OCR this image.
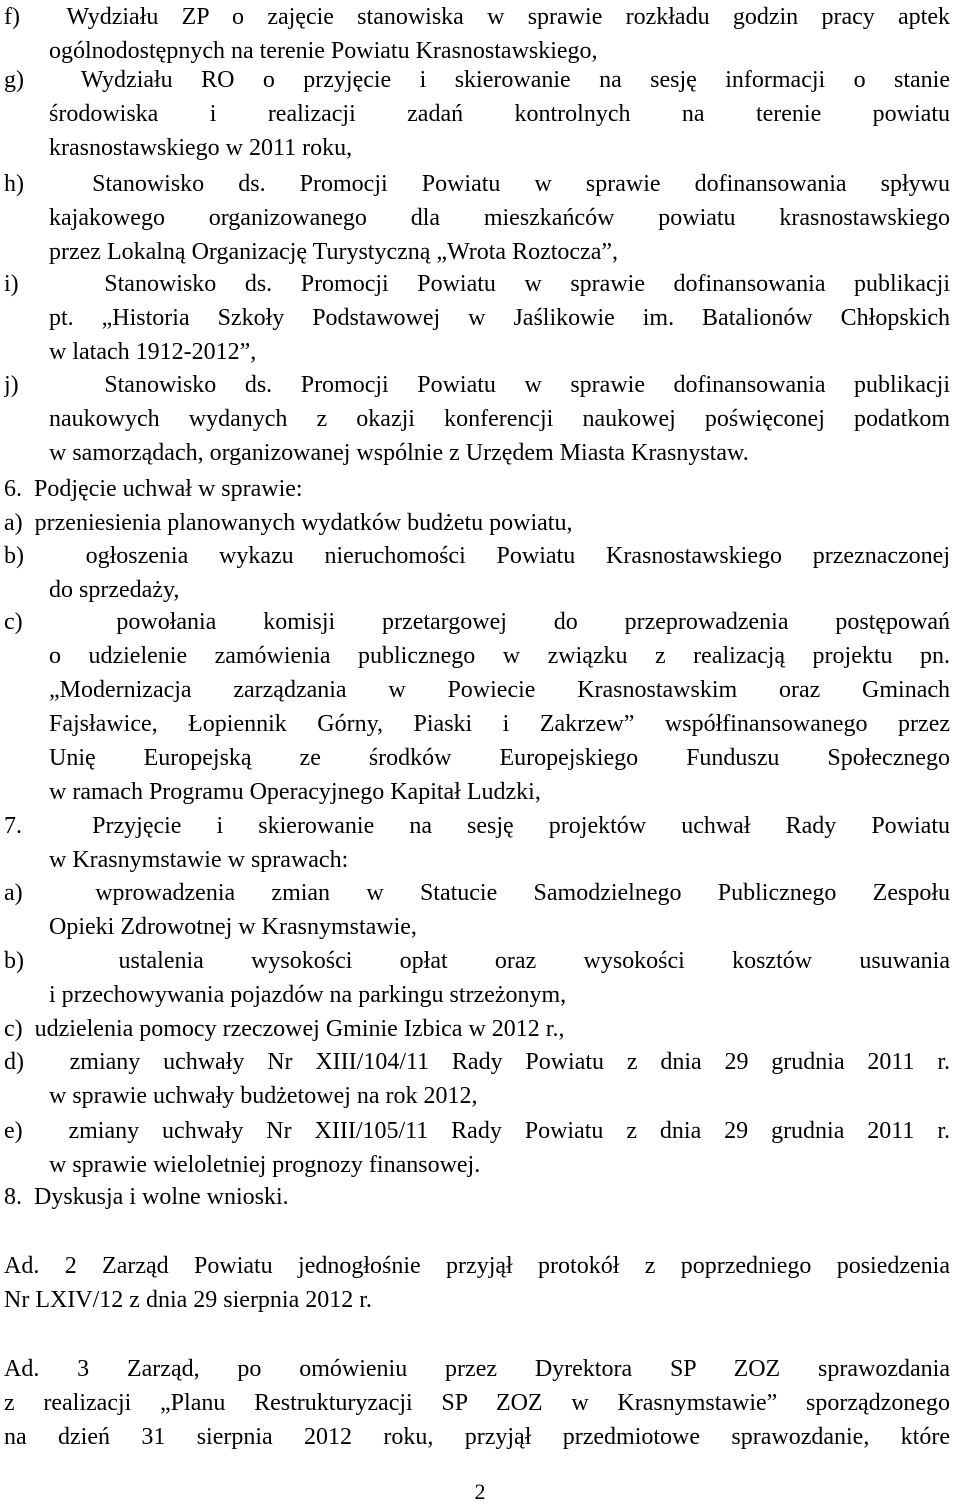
f)  Wydziału ZP o zajęcie stanowiska w sprawie rozkładu godzin pracy aptek
ogólnodostępnych na terenie Powiatu Krasnostawskiego,
g)  Wydziału RO o przyjęcie i skierowanie na sesję informacji o stanie
środowiska i realizacji zadań kontrolnych na terenie powiatu
krasnostawskiego w 2011 roku,
h)  Stanowisko ds. Promocji Powiatu w sprawie dofinansowania spływu
kajakowego organizowanego dla mieszkańców powiatu krasnostawskiego
przez Lokalną Organizację Turystyczną „Wrota Roztocza”,
i)   Stanowisko ds. Promocji Powiatu w sprawie dofinansowania publikacji
pt. „Historia Szkoły Podstawowej w Jaślikowie im. Batalionów Chłopskich
w latach 1912-2012”,
j)   Stanowisko ds. Promocji Powiatu w sprawie dofinansowania publikacji
naukowych wydanych z okazji konferencji naukowej poświęconej podatkom
w samorządach, organizowanej wspólnie z Urzędem Miasta Krasnystaw.
6.  Podjęcie uchwał w sprawie:
a)  przeniesienia planowanych wydatków budżetu powiatu,
b)  ogłoszenia wykazu nieruchomości Powiatu Krasnostawskiego przeznaczonej
do sprzedaży,
c)  powołania komisji przetargowej do przeprowadzenia postępowań
o udzielenie zamówienia publicznego w związku z realizacją projektu pn.
„Modernizacja zarządzania w Powiecie Krasnostawskim oraz Gminach
Fajsławice, Łopiennik Górny, Piaski i Zakrzew” współfinansowanego przez
Unię Europejską ze środków Europejskiego Funduszu Społecznego
w ramach Programu Operacyjnego Kapitał Ludzki,
7.  Przyjęcie i skierowanie na sesję projektów uchwał Rady Powiatu
w Krasnymstawie w sprawach:
a)  wprowadzenia zmian w Statucie Samodzielnego Publicznego Zespołu
Opieki Zdrowotnej w Krasnymstawie,
b)  ustalenia wysokości opłat oraz wysokości kosztów usuwania
i przechowywania pojazdów na parkingu strzeżonym,
c)  udzielenia pomocy rzeczowej Gminie Izbica w 2012 r.,
d)  zmiany uchwały Nr XIII/104/11 Rady Powiatu z dnia 29 grudnia 2011 r.
w sprawie uchwały budżetowej na rok 2012,
e)  zmiany uchwały Nr XIII/105/11 Rady Powiatu z dnia 29 grudnia 2011 r.
w sprawie wieloletniej prognozy finansowej.
8.  Dyskusja i wolne wnioski.
Ad. 2 Zarząd Powiatu jednogłośnie przyjął protokół z poprzedniego posiedzenia
Nr LXIV/12 z dnia 29 sierpnia 2012 r.
Ad. 3 Zarząd, po omówieniu przez Dyrektora SP ZOZ sprawozdania
z realizacji „Planu Restrukturyzacji SP ZOZ w Krasnymstawie” sporządzonego
na dzień 31 sierpnia 2012 roku, przyjął przedmiotowe sprawozdanie, które
2
